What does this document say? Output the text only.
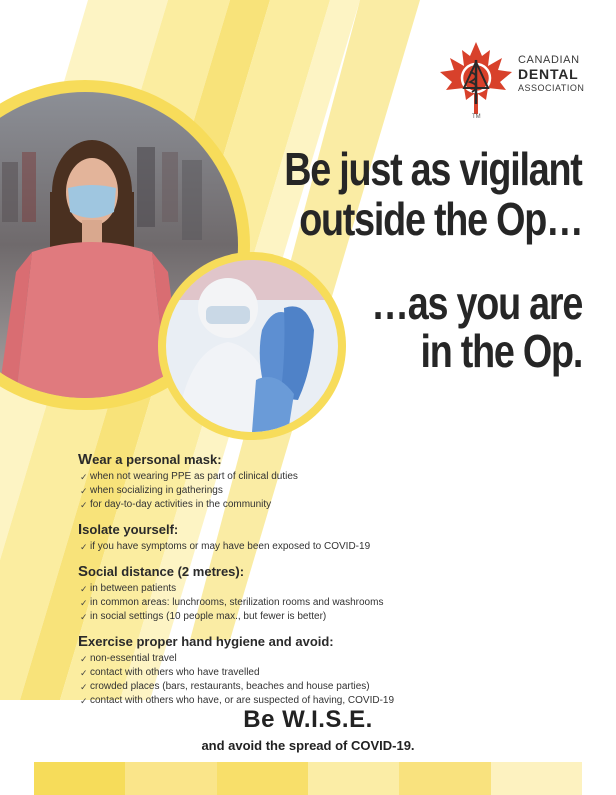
CANADIAN
DENTAL
ASSOCIATION
TM
Be just as vigilant
outside the Op…
…as you are
in the Op.
Wear a personal mask:
✓ when not wearing PPE as part of clinical duties
✓ when socializing in gatherings
✓ for day-to-day activities in the community
Isolate yourself:
✓ if you have symptoms or may have been exposed to COVID-19
Social distance (2 metres):
✓ in between patients
✓ in common areas: lunchrooms, sterilization rooms and washrooms
✓ in social settings (10 people max., but fewer is better)
Exercise proper hand hygiene and avoid:
✓ non-essential travel
✓ contact with others who have travelled
✓ crowded places (bars, restaurants, beaches and house parties)
✓ contact with others who have, or are suspected of having, COVID-19
Be W.I.S.E.
and avoid the spread of COVID-19.
